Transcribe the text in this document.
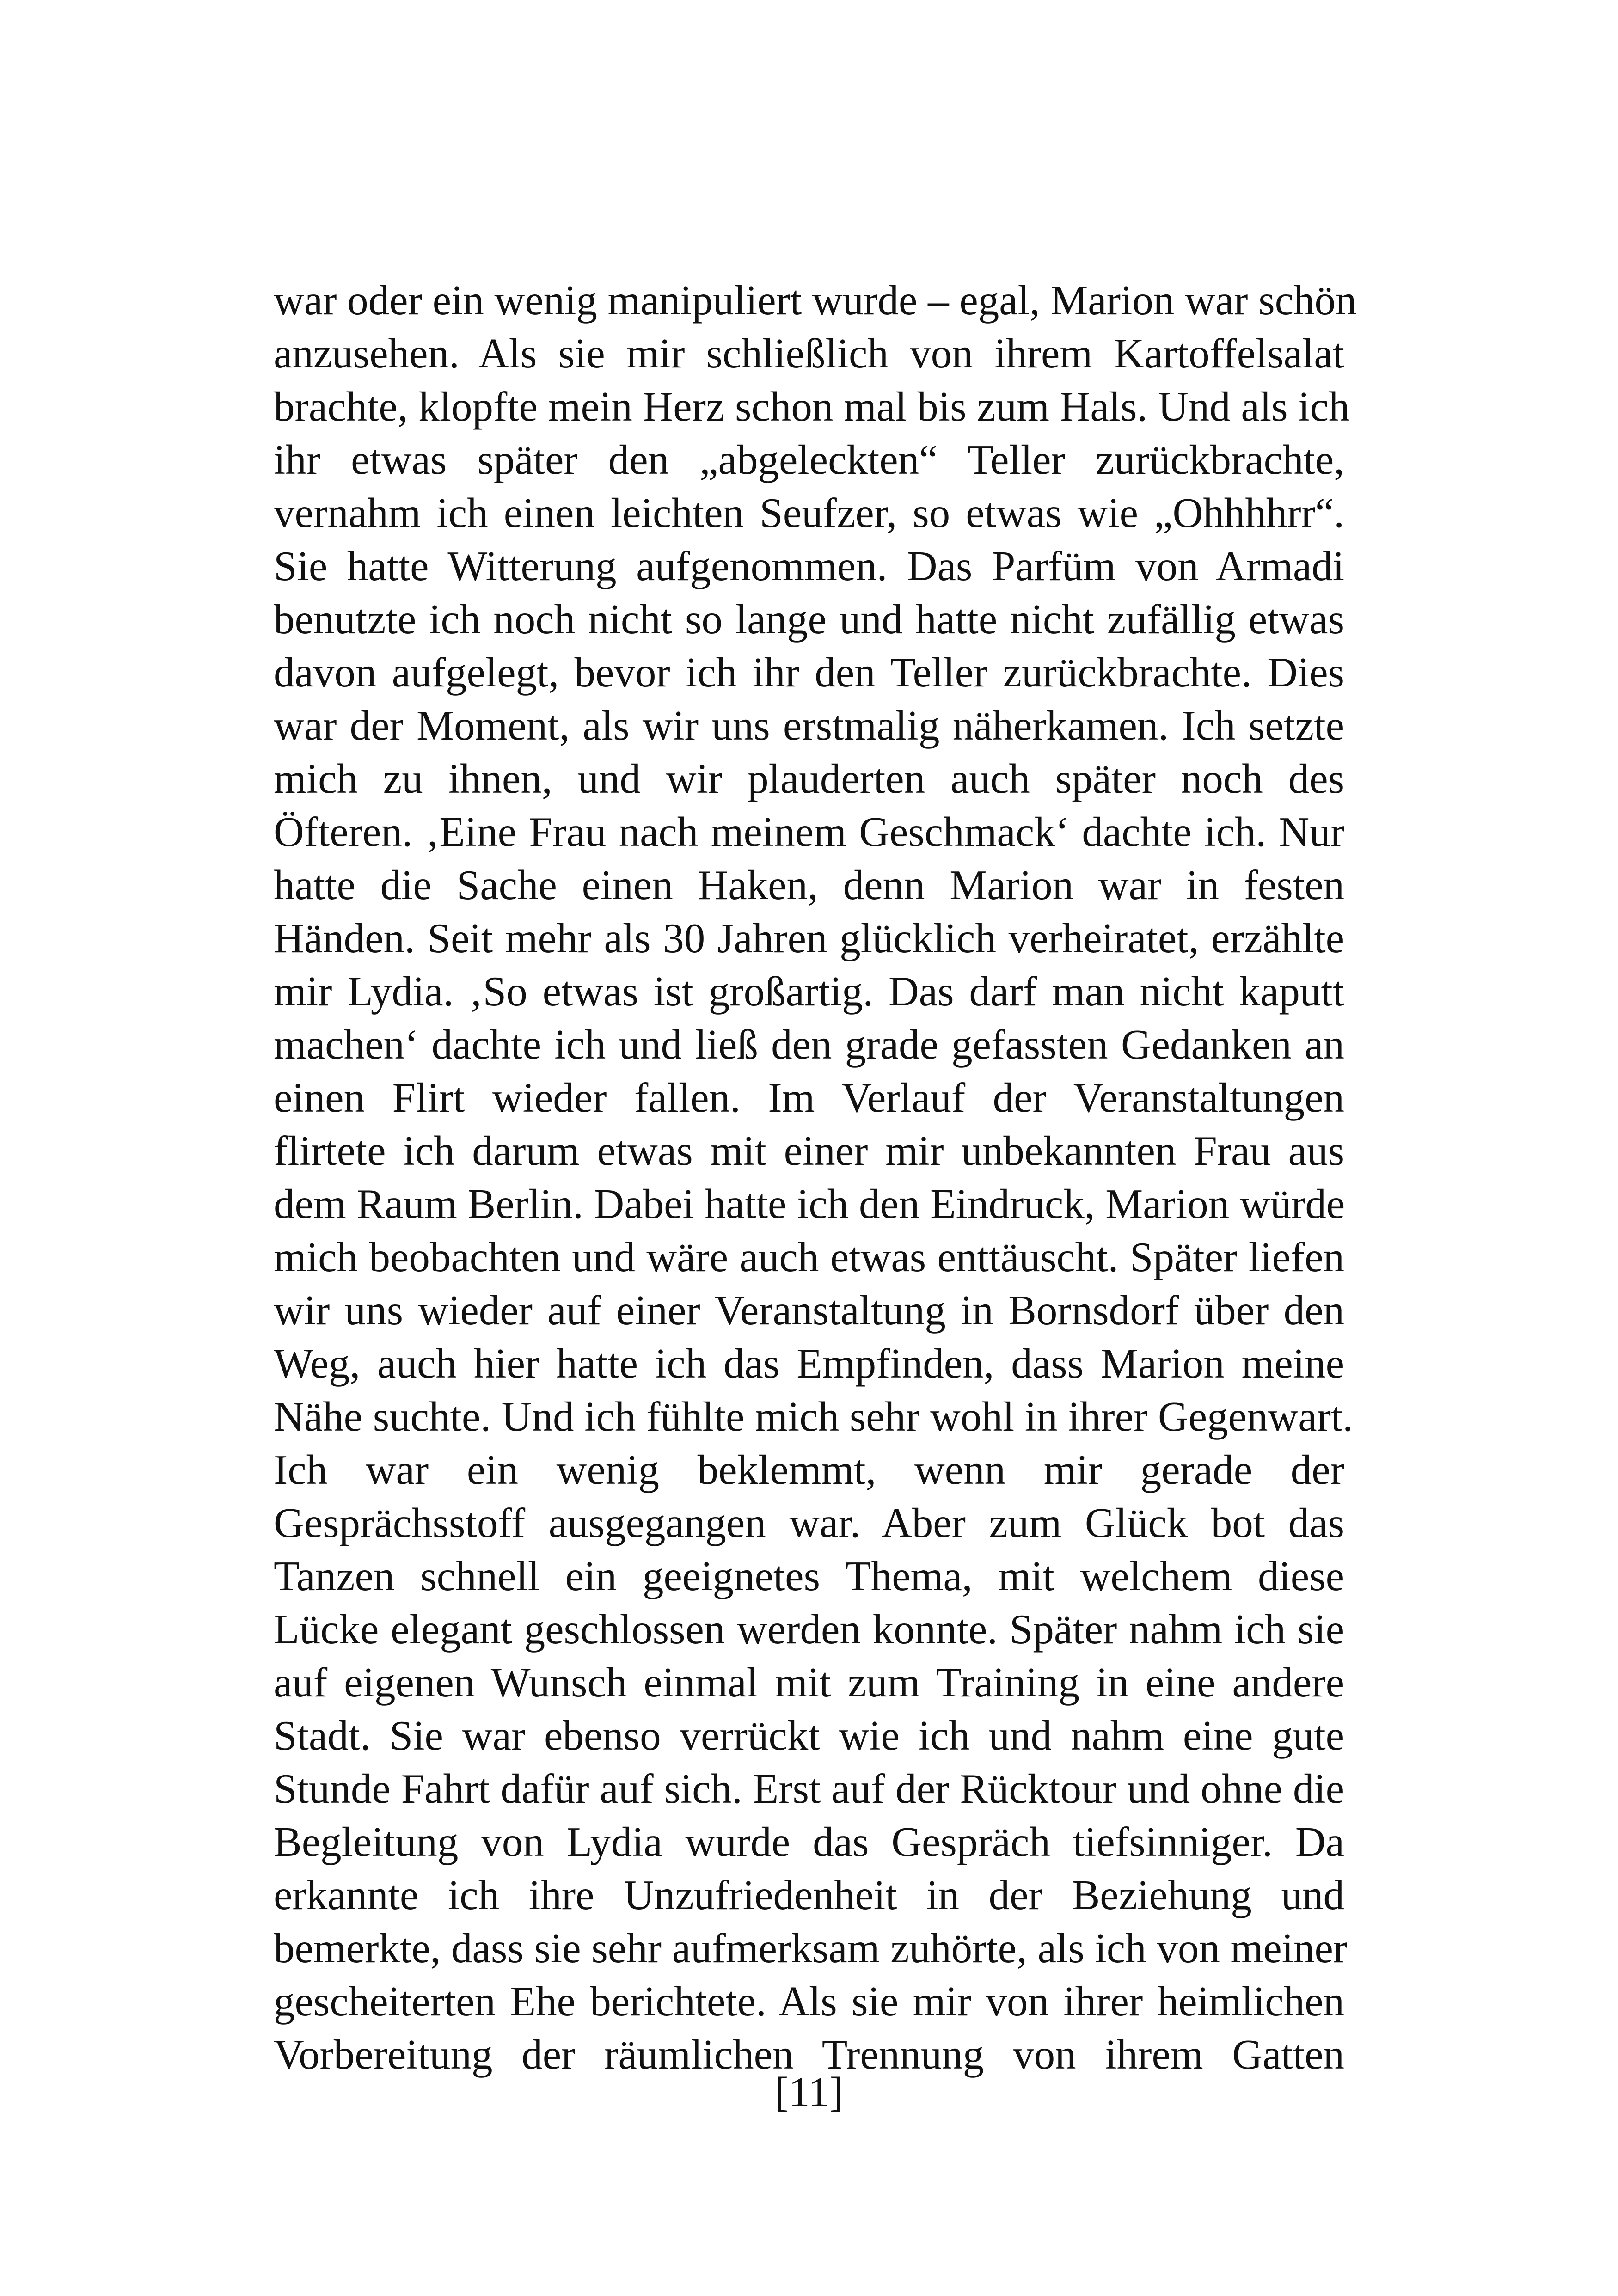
war oder ein wenig manipuliert wurde – egal, Marion war schön
anzusehen. Als sie mir schließlich von ihrem Kartoffelsalat
brachte, klopfte mein Herz schon mal bis zum Hals. Und als ich
ihr etwas später den „abgeleckten“ Teller zurückbrachte,
vernahm ich einen leichten Seufzer, so etwas wie „Ohhhhrr“.
Sie hatte Witterung aufgenommen. Das Parfüm von Armadi
benutzte ich noch nicht so lange und hatte nicht zufällig etwas
davon aufgelegt, bevor ich ihr den Teller zurückbrachte. Dies
war der Moment, als wir uns erstmalig näherkamen. Ich setzte
mich zu ihnen, und wir plauderten auch später noch des
Öfteren. ‚Eine Frau nach meinem Geschmack‘ dachte ich. Nur
hatte die Sache einen Haken, denn Marion war in festen
Händen. Seit mehr als 30 Jahren glücklich verheiratet, erzählte
mir Lydia. ‚So etwas ist großartig. Das darf man nicht kaputt
machen‘ dachte ich und ließ den grade gefassten Gedanken an
einen Flirt wieder fallen. Im Verlauf der Veranstaltungen
flirtete ich darum etwas mit einer mir unbekannten Frau aus
dem Raum Berlin. Dabei hatte ich den Eindruck, Marion würde
mich beobachten und wäre auch etwas enttäuscht. Später liefen
wir uns wieder auf einer Veranstaltung in Bornsdorf über den
Weg, auch hier hatte ich das Empfinden, dass Marion meine
Nähe suchte. Und ich fühlte mich sehr wohl in ihrer Gegenwart.
Ich war ein wenig beklemmt, wenn mir gerade der
Gesprächsstoff ausgegangen war. Aber zum Glück bot das
Tanzen schnell ein geeignetes Thema, mit welchem diese
Lücke elegant geschlossen werden konnte. Später nahm ich sie
auf eigenen Wunsch einmal mit zum Training in eine andere
Stadt. Sie war ebenso verrückt wie ich und nahm eine gute
Stunde Fahrt dafür auf sich. Erst auf der Rücktour und ohne die
Begleitung von Lydia wurde das Gespräch tiefsinniger. Da
erkannte ich ihre Unzufriedenheit in der Beziehung und
bemerkte, dass sie sehr aufmerksam zuhörte, als ich von meiner
gescheiterten Ehe berichtete. Als sie mir von ihrer heimlichen
Vorbereitung der räumlichen Trennung von ihrem Gatten
[11]
